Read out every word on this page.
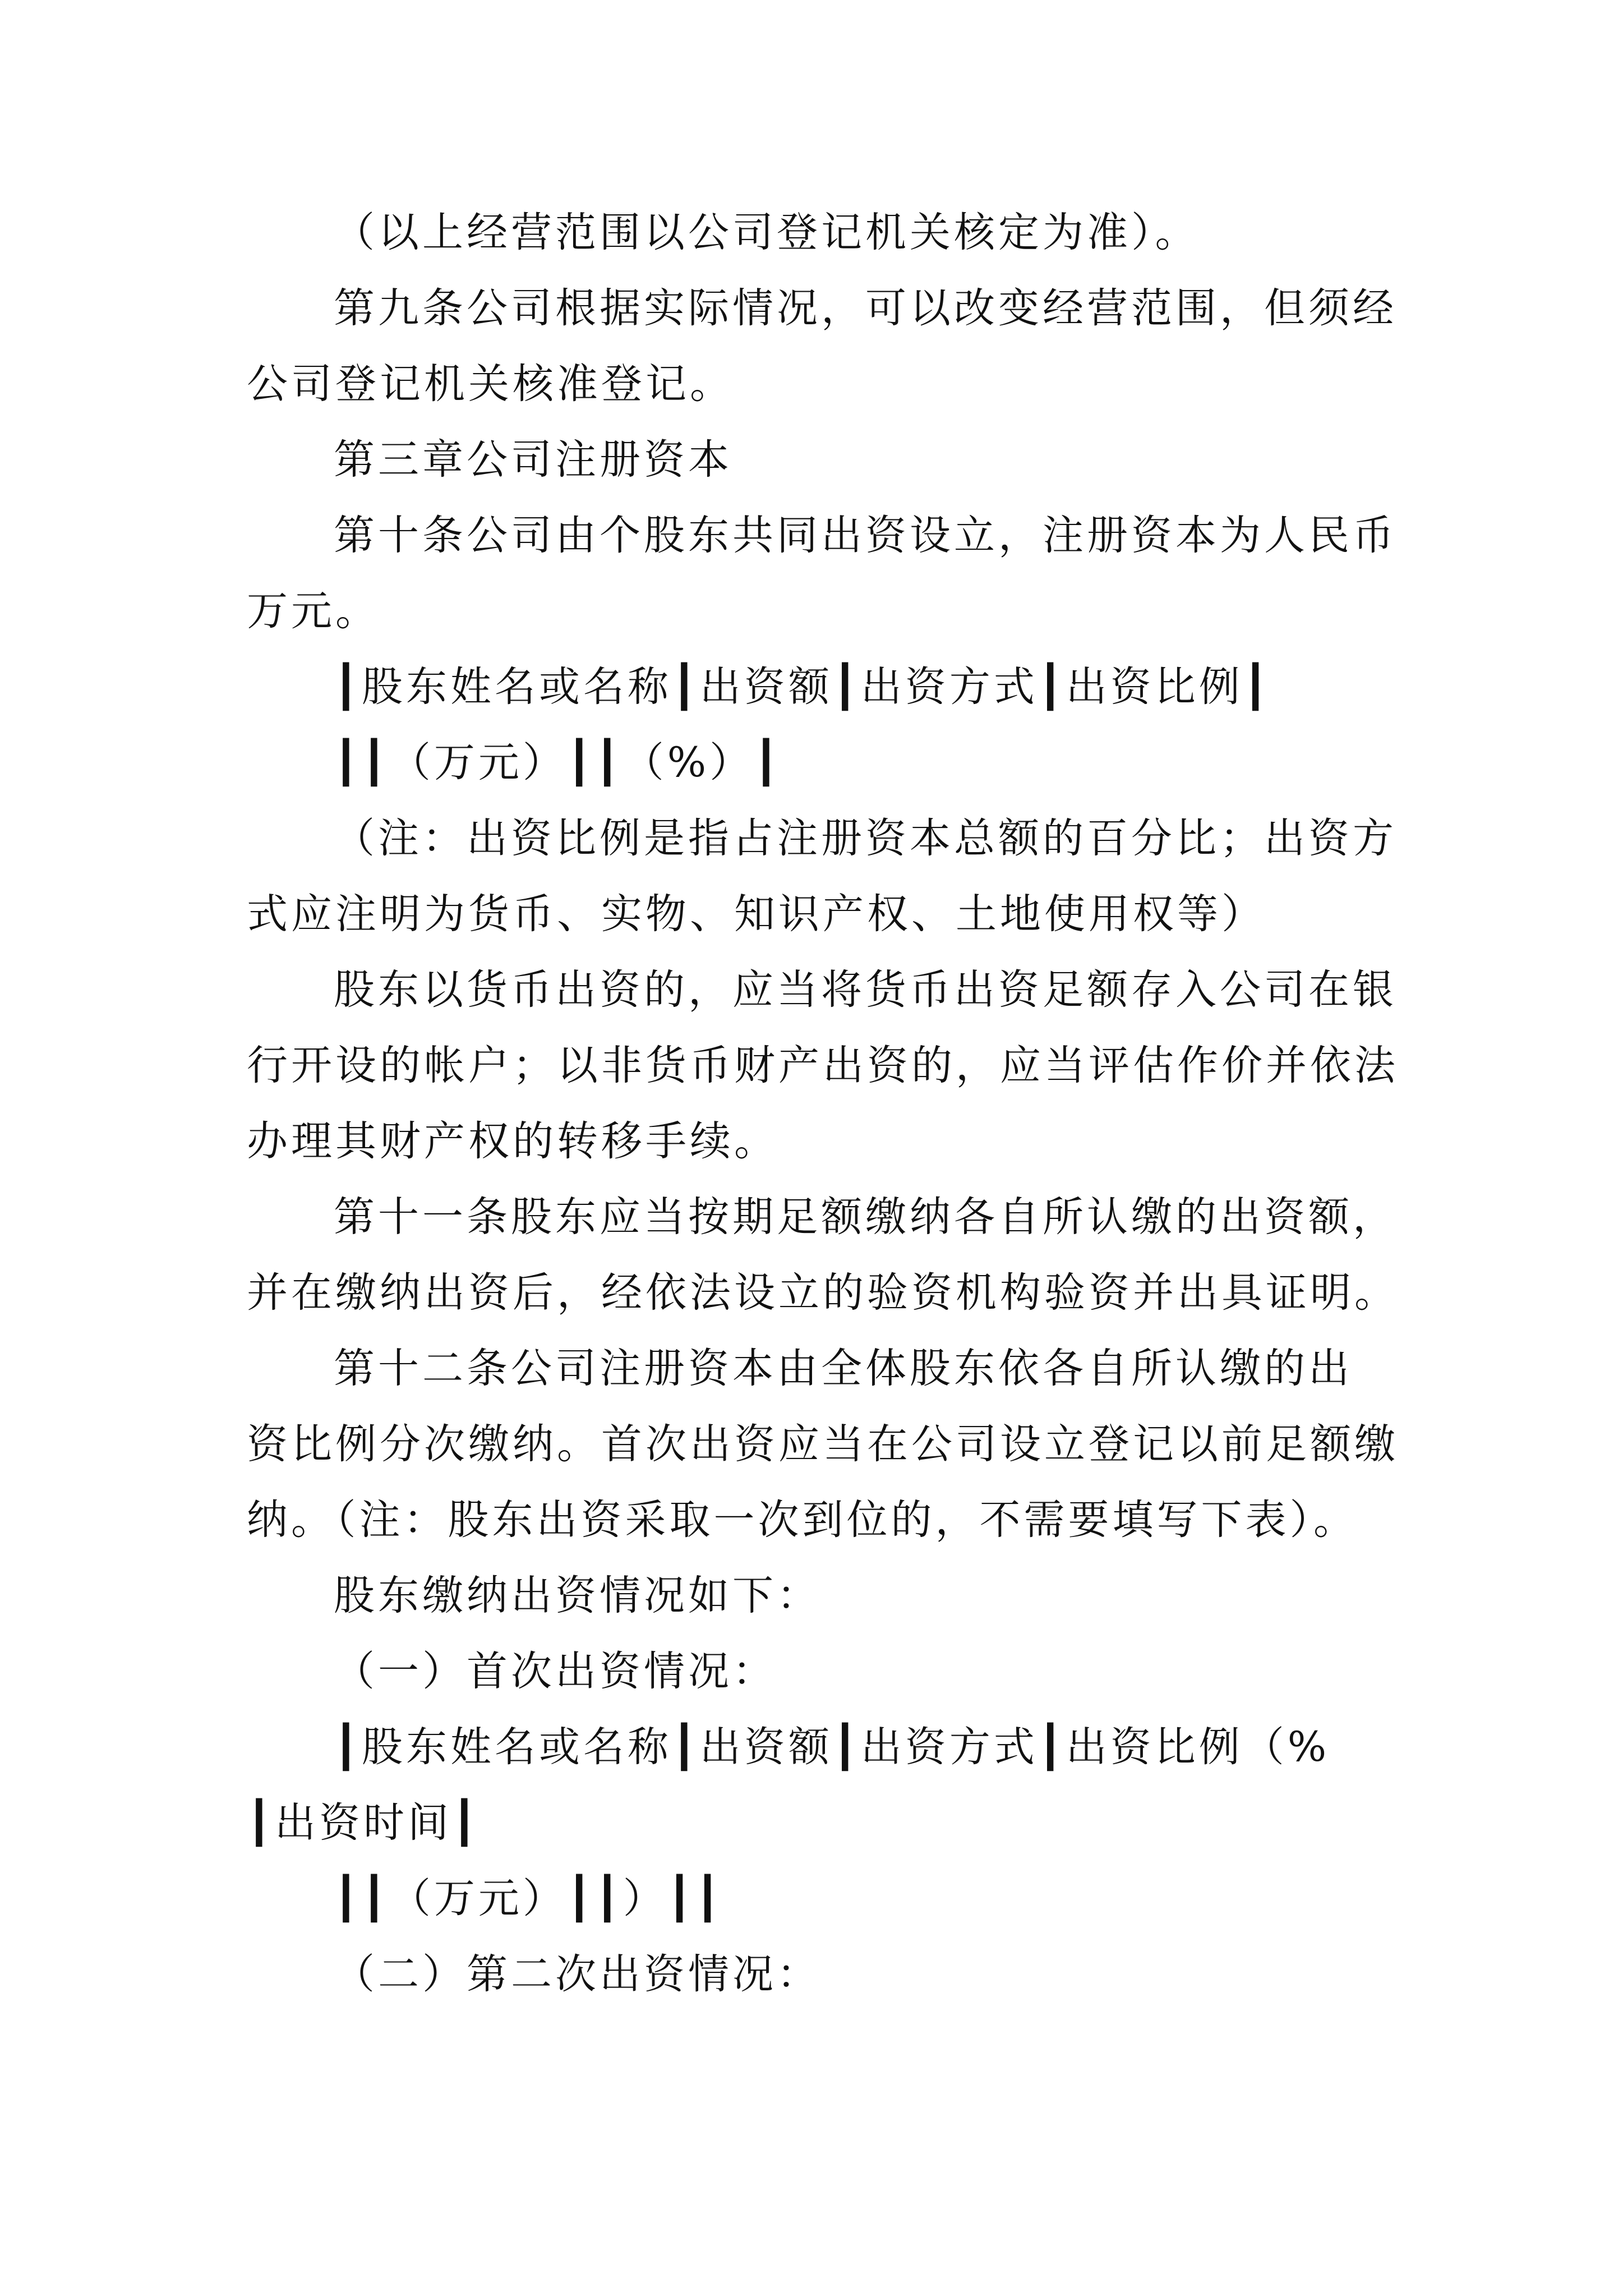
（以上经营范围以公司登记机关核定为准）。
第九条公司根据实际情况，可以改变经营范围，但须经
公司登记机关核准登记。
第三章公司注册资本
第十条公司由个股东共同出资设立，注册资本为人民币
万元。
┃股东姓名或名称┃出资额┃出资方式┃出资比例┃
┃┃（万元）┃┃（%）┃
（注：出资比例是指占注册资本总额的百分比；出资方
式应注明为货币、实物、知识产权、土地使用权等）
股东以货币出资的，应当将货币出资足额存入公司在银
行开设的帐户；以非货币财产出资的，应当评估作价并依法
办理其财产权的转移手续。
第十一条股东应当按期足额缴纳各自所认缴的出资额，
并在缴纳出资后，经依法设立的验资机构验资并出具证明。
第十二条公司注册资本由全体股东依各自所认缴的出
资比例分次缴纳。首次出资应当在公司设立登记以前足额缴
纳。（注：股东出资采取一次到位的，不需要填写下表）。
股东缴纳出资情况如下：
（一）首次出资情况：
┃股东姓名或名称┃出资额┃出资方式┃出资比例（%
┃出资时间┃
┃┃（万元）┃┃）┃┃
（二）第二次出资情况：
